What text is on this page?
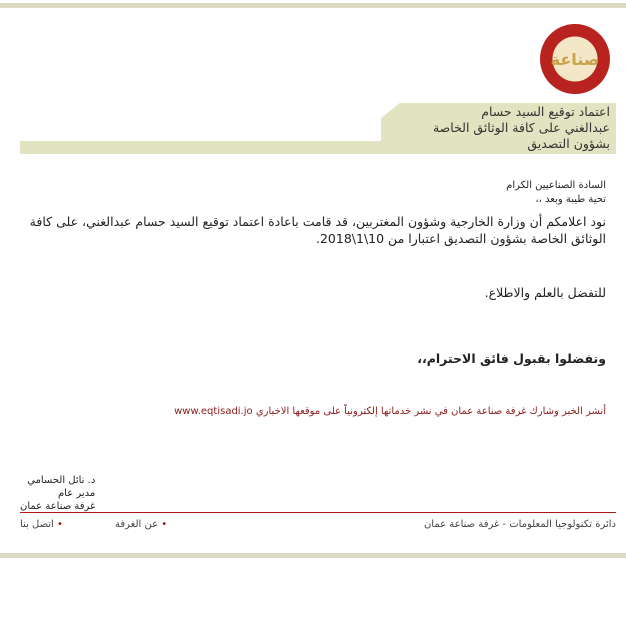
صناعة
اعتماد توقيع السيد حسام
عبدالغني على كافة الوثائق الخاصة
بشؤون التصديق
السادة الصناعيين الكرام
تحية طيبة وبعد ،،
نود اعلامكم أن وزارة الخارجية وشؤون المغتربين، قد قامت باعادة اعتماد توقيع السيد حسام عبدالغني، على كافة الوثائق الخاصة بشؤون التصديق اعتبارا من 10\1\2018.
للتفضل بالعلم والاطلاع.
وتفضلوا بقبول فائق الاحترام،،
أنشر الخبر وشارك غرفة صناعة عمان في نشر خدماتها إلكترونياً على موقعها الاخباري www.eqtisadi.jo
د. نائل الحسامي
مدير عام
غرفة صناعة عمان
دائرة تكنولوجيا المعلومات - غرفة صناعة عمان
• عن الغرفة
• اتصل بنا
